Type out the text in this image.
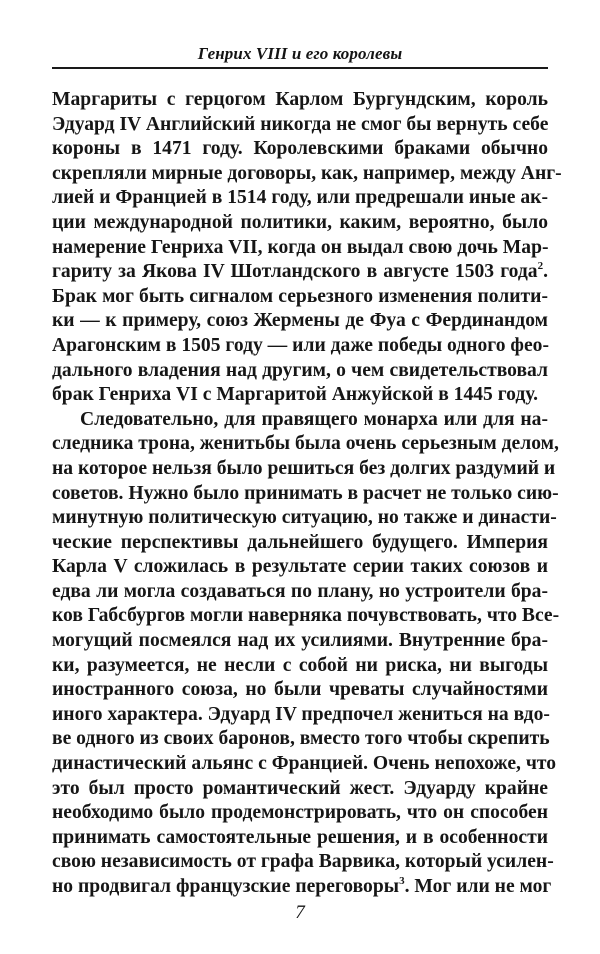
Генрих VIII и его королевы
Маргариты с герцогом Карлом Бургундским, король
Эдуард IV Английский никогда не смог бы вернуть себе
короны в 1471 году. Королевскими браками обычно
скрепляли мирные договоры, как, например, между Анг-
лией и Францией в 1514 году, или предрешали иные ак-
ции международной политики, каким, вероятно, было
намерение Генриха VII, когда он выдал свою дочь Мар-
гариту за Якова IV Шотландского в августе 1503 года$^2$.
Брак мог быть сигналом серьезного изменения полити-
ки — к примеру, союз Жермены де Фуа с Фердинандом
Арагонским в 1505 году — или даже победы одного фео-
дального владения над другим, о чем свидетельствовал
брак Генриха VI с Маргаритой Анжуйской в 1445 году.
Следовательно, для правящего монарха или для на-
следника трона, женитьбы была очень серьезным делом,
на которое нельзя было решиться без долгих раздумий и
советов. Нужно было принимать в расчет не только сию-
минутную политическую ситуацию, но также и династи-
ческие перспективы дальнейшего будущего. Империя
Карла V сложилась в результате серии таких союзов и
едва ли могла создаваться по плану, но устроители бра-
ков Габсбургов могли наверняка почувствовать, что Все-
могущий посмеялся над их усилиями. Внутренние бра-
ки, разумеется, не несли с собой ни риска, ни выгоды
иностранного союза, но были чреваты случайностями
иного характера. Эдуард IV предпочел жениться на вдо-
ве одного из своих баронов, вместо того чтобы скрепить
династический альянс с Францией. Очень непохоже, что
это был просто романтический жест. Эдуарду крайне
необходимо было продемонстрировать, что он способен
принимать самостоятельные решения, и в особенности
свою независимость от графа Варвика, который усилен-
но продвигал французские переговоры$^3$. Мог или не мог
7
